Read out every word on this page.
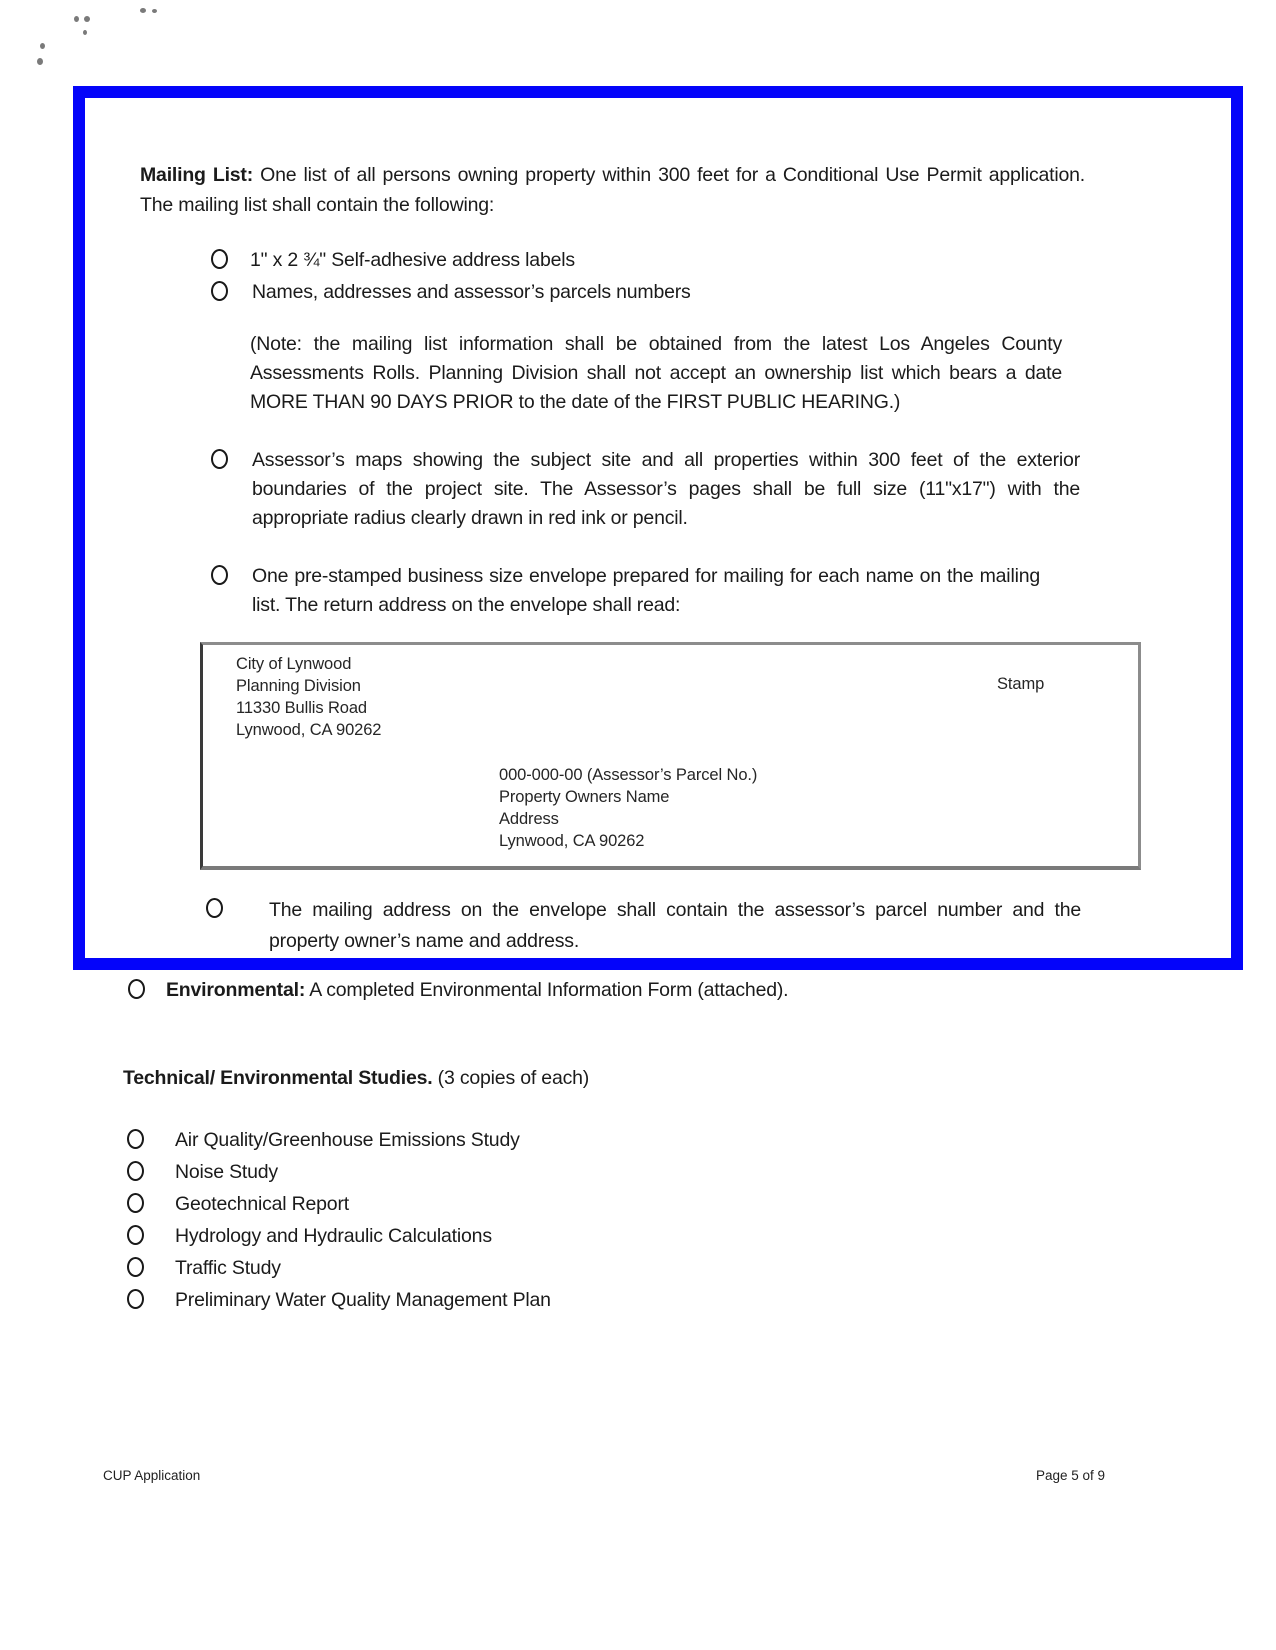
Mailing List: One list of all persons owning property within 300 feet for a Conditional Use Permit application. The mailing list shall contain the following:

1" x 2 ¾" Self-adhesive address labels
Names, addresses and assessor’s parcels numbers
(Note: the mailing list information shall be obtained from the latest Los Angeles County Assessments Rolls. Planning Division shall not accept an ownership list which bears a date MORE THAN 90 DAYS PRIOR to the date of the FIRST PUBLIC HEARING.)
Assessor’s maps showing the subject site and all properties within 300 feet of the exterior boundaries of the project site. The Assessor’s pages shall be full size (11"x17") with the appropriate radius clearly drawn in red ink or pencil.
One pre-stamped business size envelope prepared for mailing for each name on the mailing list. The return address on the envelope shall read:
City of Lynwood
Planning Division
11330 Bullis Road
Lynwood, CA 90262
Stamp
000-000-00 (Assessor’s Parcel No.)
Property Owners Name
Address
Lynwood, CA 90262
The mailing address on the envelope shall contain the assessor’s parcel number and the property owner’s name and address.
Environmental: A completed Environmental Information Form (attached).
Technical/ Environmental Studies. (3 copies of each)
Air Quality/Greenhouse Emissions Study
Noise Study
Geotechnical Report
Hydrology and Hydraulic Calculations
Traffic Study
Preliminary Water Quality Management Plan
CUP Application	Page 5 of 9
